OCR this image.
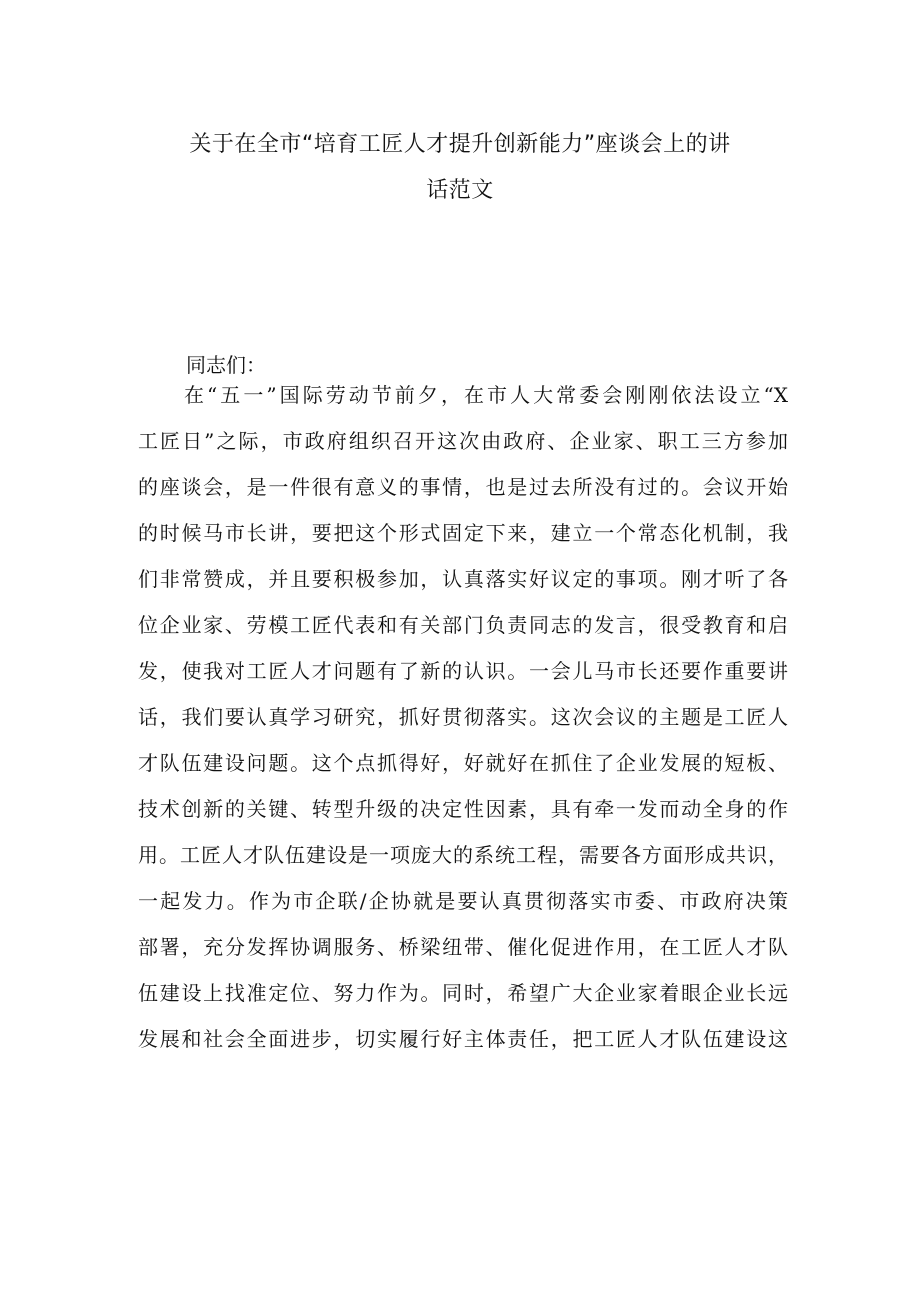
关于在全市“培育工匠人才提升创新能力”座谈会上的讲
话范文
同志们：
在“五一”国际劳动节前夕，在市人大常委会刚刚依法设立“X
工匠日”之际，市政府组织召开这次由政府、企业家、职工三方参加
的座谈会，是一件很有意义的事情，也是过去所没有过的。会议开始
的时候马市长讲，要把这个形式固定下来，建立一个常态化机制，我
们非常赞成，并且要积极参加，认真落实好议定的事项。刚才听了各
位企业家、劳模工匠代表和有关部门负责同志的发言，很受教育和启
发，使我对工匠人才问题有了新的认识。一会儿马市长还要作重要讲
话，我们要认真学习研究，抓好贯彻落实。这次会议的主题是工匠人
才队伍建设问题。这个点抓得好，好就好在抓住了企业发展的短板、
技术创新的关键、转型升级的决定性因素，具有牵一发而动全身的作
用。工匠人才队伍建设是一项庞大的系统工程，需要各方面形成共识，
一起发力。作为市企联/企协就是要认真贯彻落实市委、市政府决策
部署，充分发挥协调服务、桥梁纽带、催化促进作用，在工匠人才队
伍建设上找准定位、努力作为。同时，希望广大企业家着眼企业长远
发展和社会全面进步，切实履行好主体责任，把工匠人才队伍建设这
